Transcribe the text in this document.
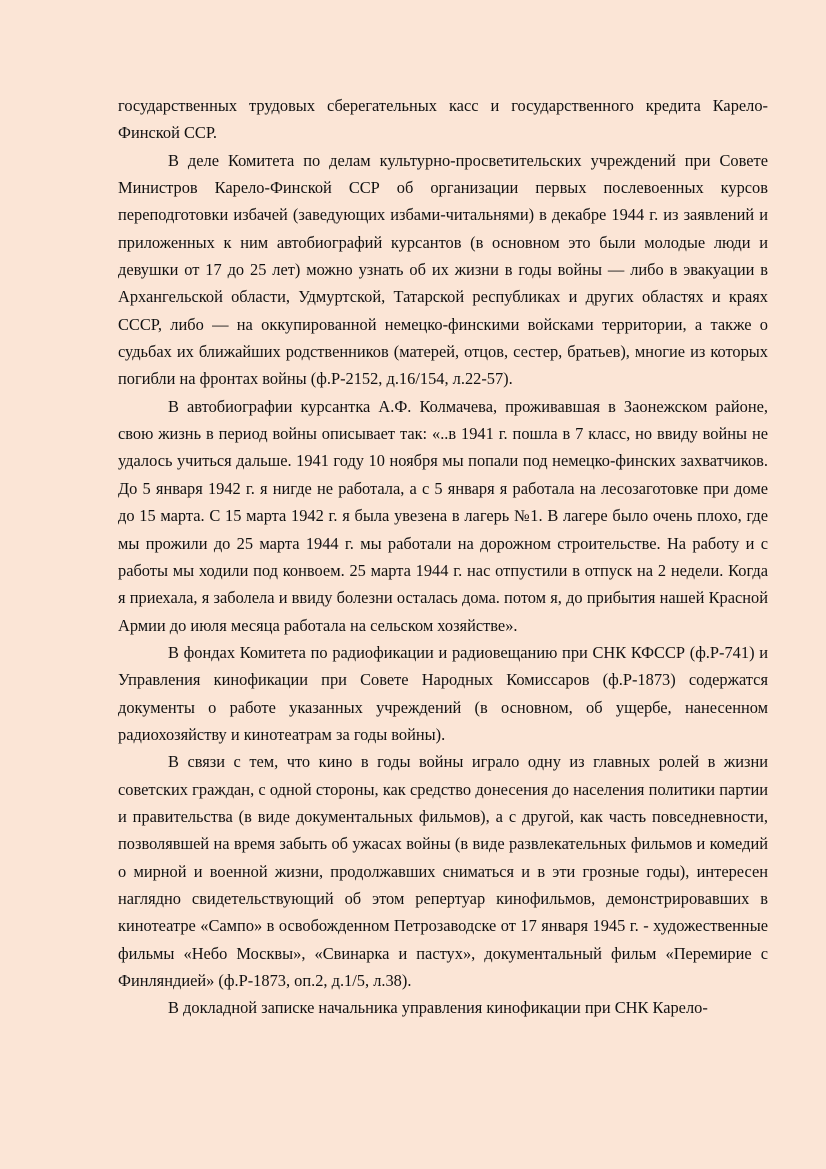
государственных трудовых сберегательных касс и государственного кредита Карело-Финской ССР.

В деле Комитета по делам культурно-просветительских учреждений при Совете Министров Карело-Финской ССР об организации первых послевоенных курсов переподготовки избачей (заведующих избами-читальнями) в декабре 1944 г. из заявлений и приложенных к ним автобиографий курсантов (в основном это были молодые люди и девушки от 17 до 25 лет) можно узнать об их жизни в годы войны — либо в эвакуации в Архангельской области, Удмуртской, Татарской республиках и других областях и краях СССР, либо — на оккупированной немецко-финскими войсками территории, а также о судьбах их ближайших родственников (матерей, отцов, сестер, братьев), многие из которых погибли на фронтах войны (ф.Р-2152, д.16/154, л.22-57).

В автобиографии курсантка А.Ф. Колмачева, проживавшая в Заонежском районе, свою жизнь в период войны описывает так: «..в 1941 г. пошла в 7 класс, но ввиду войны не удалось учиться дальше. 1941 году 10 ноября мы попали под немецко-финских захватчиков. До 5 января 1942 г. я нигде не работала, а с 5 января я работала на лесозаготовке при доме до 15 марта. С 15 марта 1942 г. я была увезена в лагерь №1. В лагере было очень плохо, где мы прожили до 25 марта 1944 г. мы работали на дорожном строительстве. На работу и с работы мы ходили под конвоем. 25 марта 1944 г. нас отпустили в отпуск на 2 недели. Когда я приехала, я заболела и ввиду болезни осталась дома. потом я, до прибытия нашей Красной Армии до июля месяца работала на сельском хозяйстве».

В фондах Комитета по радиофикации и радиовещанию при СНК КФССР (ф.Р-741) и Управления кинофикации при Совете Народных Комиссаров (ф.Р-1873) содержатся документы о работе указанных учреждений (в основном, об ущербе, нанесенном радиохозяйству и кинотеатрам за годы войны).

В связи с тем, что кино в годы войны играло одну из главных ролей в жизни советских граждан, с одной стороны, как средство донесения до населения политики партии и правительства (в виде документальных фильмов), а с другой, как часть повседневности, позволявшей на время забыть об ужасах войны (в виде развлекательных фильмов и комедий о мирной и военной жизни, продолжавших сниматься и в эти грозные годы), интересен наглядно свидетельствующий об этом репертуар кинофильмов, демонстрировавших в кинотеатре «Сампо» в освобожденном Петрозаводске от 17 января 1945 г. - художественные фильмы «Небо Москвы», «Свинарка и пастух», документальный фильм «Перемирие с Финляндией» (ф.Р-1873, оп.2, д.1/5, л.38).

В докладной записке начальника управления кинофикации при СНК Карело-
